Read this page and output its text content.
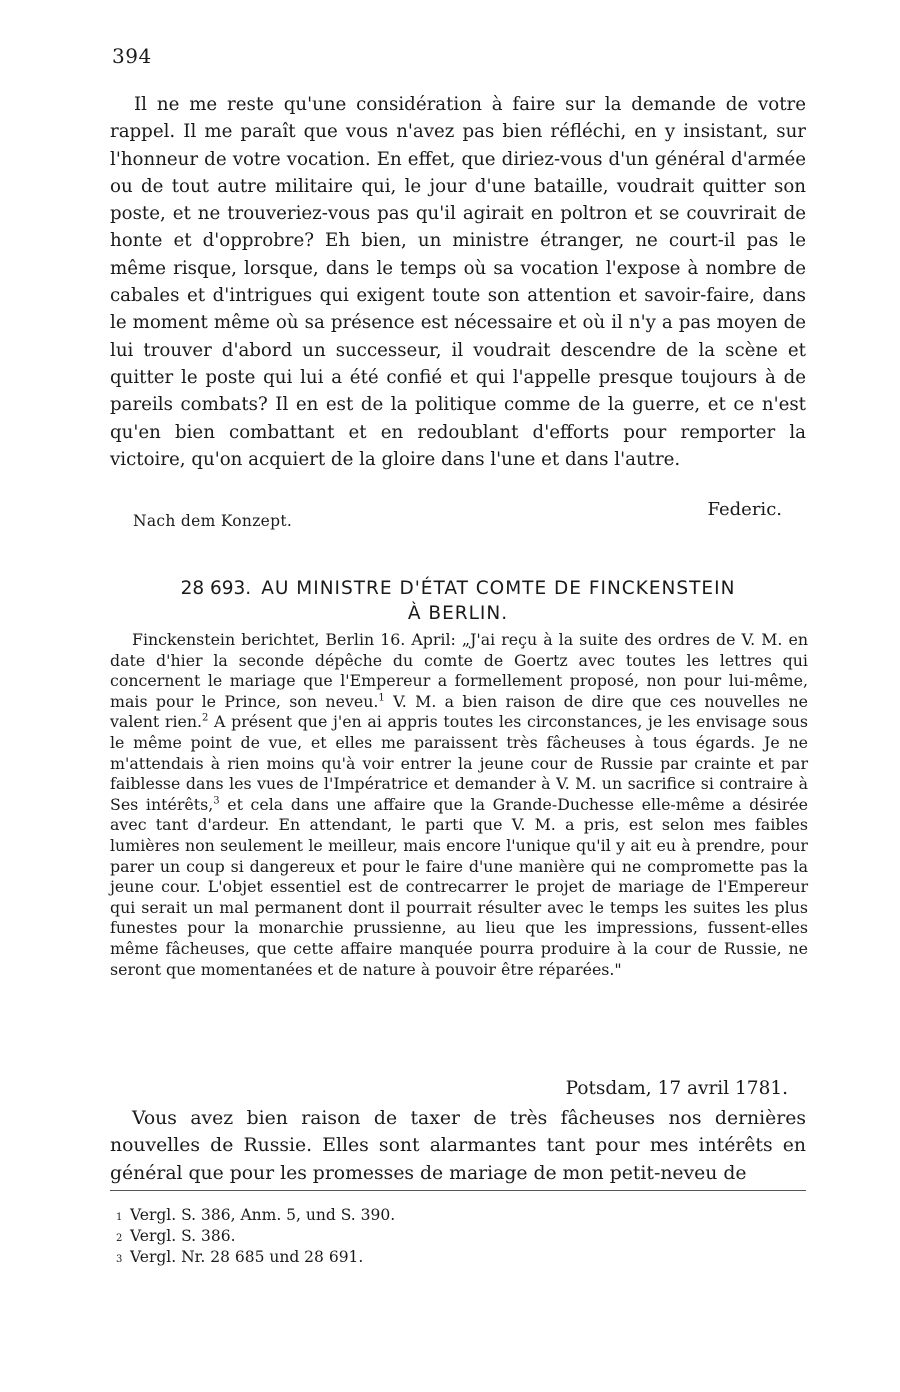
394

Il ne me reste qu'une considération à faire sur la demande de votre rappel. Il me paraît que vous n'avez pas bien réfléchi, en y insistant, sur l'honneur de votre vocation. En effet, que diriez-vous d'un général d'armée ou de tout autre militaire qui, le jour d'une bataille, voudrait quitter son poste, et ne trouveriez-vous pas qu'il agirait en poltron et se couvrirait de honte et d'opprobre? Eh bien, un ministre étranger, ne court-il pas le même risque, lorsque, dans le temps où sa vocation l'expose à nombre de cabales et d'intrigues qui exigent toute son attention et savoir-faire, dans le moment même où sa présence est nécessaire et où il n'y a pas moyen de lui trouver d'abord un successeur, il voudrait descendre de la scène et quitter le poste qui lui a été confié et qui l'appelle presque toujours à de pareils combats? Il en est de la politique comme de la guerre, et ce n'est qu'en bien combattant et en redoublant d'efforts pour remporter la victoire, qu'on acquiert de la gloire dans l'une et dans l'autre.

Nach dem Konzept.
Federic.
28 693. AU MINISTRE D'ÉTAT COMTE DE FINCKENSTEIN
À BERLIN.

Finckenstein berichtet, Berlin 16. April: „J'ai reçu à la suite des ordres de V. M. en date d'hier la seconde dépêche du comte de Goertz avec toutes les lettres qui concernent le mariage que l'Empereur a formellement proposé, non pour lui-même, mais pour le Prince, son neveu.$^1$ V. M. a bien raison de dire que ces nouvelles ne valent rien.$^2$ A présent que j'en ai appris toutes les circonstances, je les envisage sous le même point de vue, et elles me paraissent très fâcheuses à tous égards. Je ne m'attendais à rien moins qu'à voir entrer la jeune cour de Russie par crainte et par faiblesse dans les vues de l'Impératrice et demander à V. M. un sacrifice si contraire à Ses intérêts,$^3$ et cela dans une affaire que la Grande-Duchesse elle-même a désirée avec tant d'ardeur. En attendant, le parti que V. M. a pris, est selon mes faibles lumières non seulement le meilleur, mais encore l'unique qu'il y ait eu à prendre, pour parer un coup si dangereux et pour le faire d'une manière qui ne compromette pas la jeune cour. L'objet essentiel est de contrecarrer le projet de mariage de l'Empereur qui serait un mal permanent dont il pourrait résulter avec le temps les suites les plus funestes pour la monarchie prussienne, au lieu que les impressions, fussent-elles même fâcheuses, que cette affaire manquée pourra produire à la cour de Russie, ne seront que momentanées et de nature à pouvoir être réparées."

Potsdam, 17 avril 1781.

Vous avez bien raison de taxer de très fâcheuses nos dernières nouvelles de Russie. Elles sont alarmantes tant pour mes intérêts en général que pour les promesses de mariage de mon petit-neveu de

1 Vergl. S. 386, Anm. 5, und S. 390.
2 Vergl. S. 386.
3 Vergl. Nr. 28 685 und 28 691.
